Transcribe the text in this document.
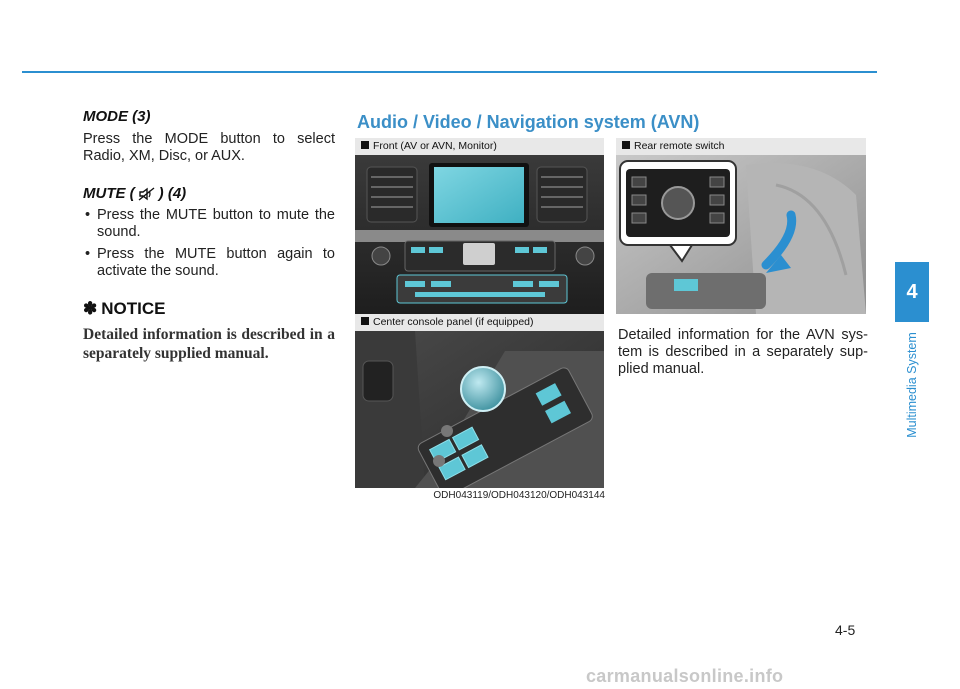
MODE (3)

Press the MODE button to select Radio, XM, Disc, or AUX.

MUTE ( ) (4)
• Press the MUTE button to mute the sound.
• Press the MUTE button again to activate the sound.
✽ NOTICE

Detailed information is described in a separately supplied manual.

Audio / Video / Navigation system (AVN)
Front (AV or AVN, Monitor)	Rear remote switch
Center console panel (if equipped)

Detailed information for the AVN sys-tem is described in a separately sup-plied manual.

ODH043119/ODH043120/ODH043144
4
Multimedia System
4-5
carmanualsonline.info
